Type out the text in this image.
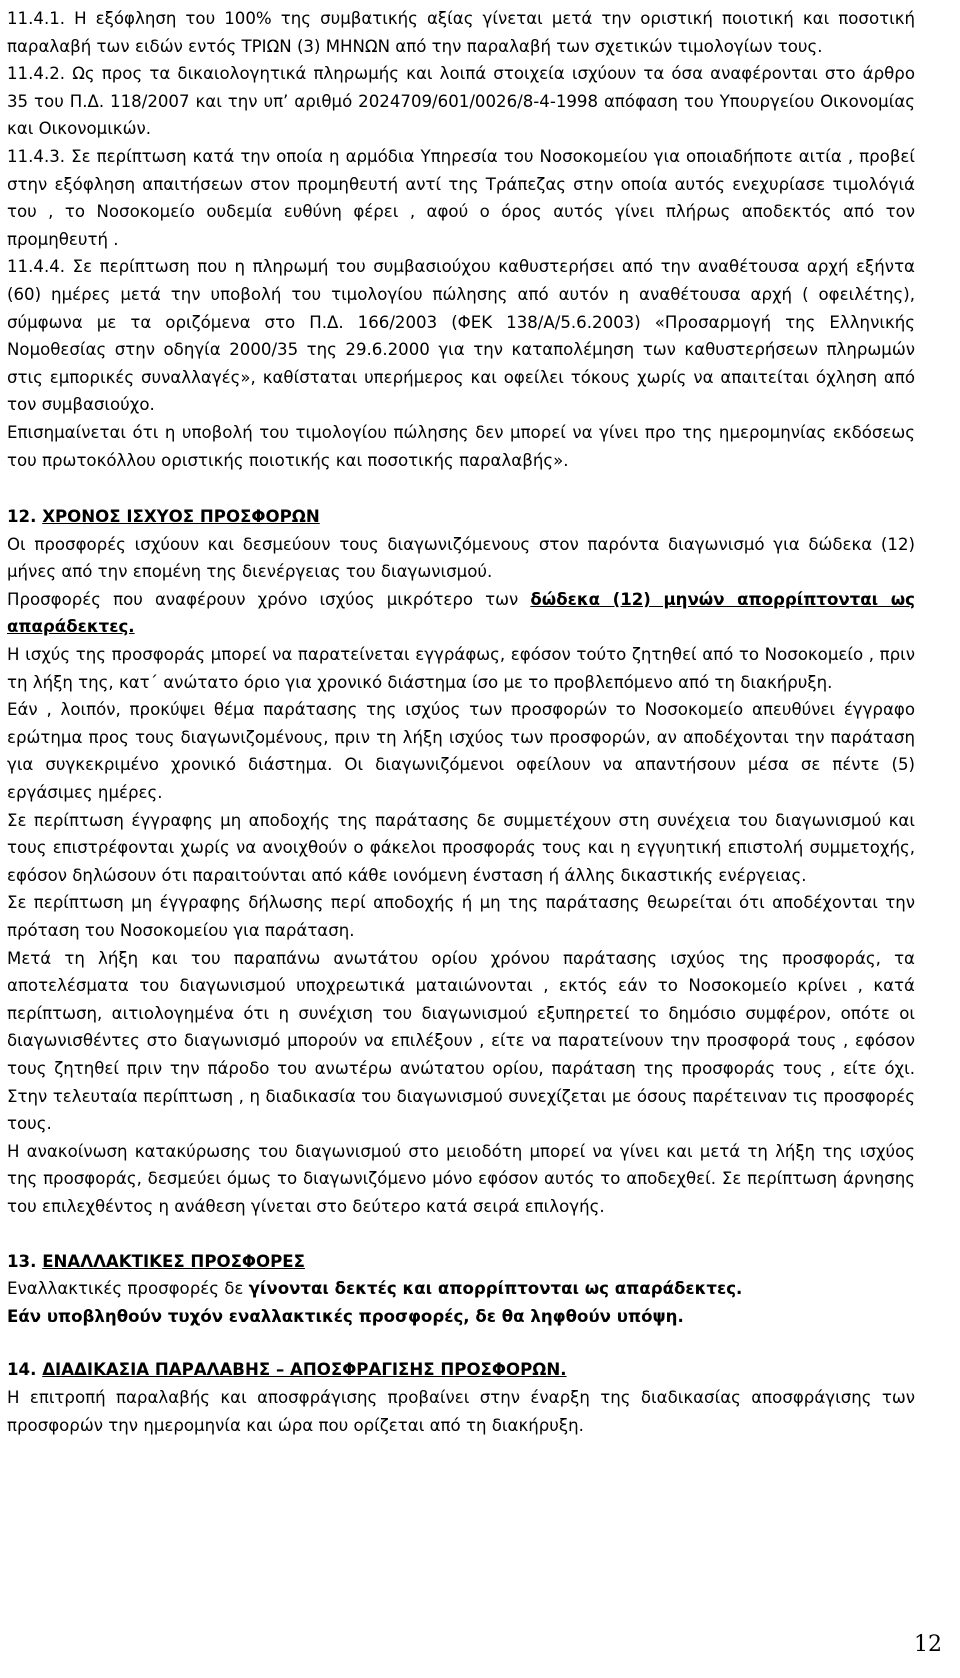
11.4.1. Η εξόφληση του 100% της συμβατικής αξίας γίνεται μετά την οριστική ποιοτική και ποσοτική παραλαβή των ειδών εντός ΤΡΙΩΝ (3) ΜΗΝΩΝ από την παραλαβή των σχετικών τιμολογίων τους.

11.4.2. Ως προς τα δικαιολογητικά πληρωμής και λοιπά στοιχεία ισχύουν τα όσα αναφέρονται στο άρθρο 35 του Π.Δ. 118/2007 και την υπ’ αριθμό 2024709/601/0026/8-4-1998 απόφαση του Υπουργείου Οικονομίας και Οικονομικών.

11.4.3. Σε περίπτωση κατά την οποία η αρμόδια Υπηρεσία του Νοσοκομείου για οποιαδήποτε αιτία , προβεί στην εξόφληση απαιτήσεων στον προμηθευτή αντί της Τράπεζας στην οποία αυτός ενεχυρίασε τιμολόγιά του , το Νοσοκομείο ουδεμία ευθύνη φέρει , αφού ο όρος αυτός γίνει πλήρως αποδεκτός από τον προμηθευτή .

11.4.4. Σε περίπτωση που η πληρωμή του συμβασιούχου καθυστερήσει από την αναθέτουσα αρχή εξήντα (60) ημέρες μετά την υποβολή του τιμολογίου πώλησης από αυτόν η αναθέτουσα αρχή ( οφειλέτης), σύμφωνα με τα οριζόμενα στο Π.Δ. 166/2003 (ΦΕΚ 138/Α/5.6.2003) «Προσαρμογή της Ελληνικής Νομοθεσίας στην οδηγία 2000/35 της 29.6.2000 για την καταπολέμηση των καθυστερήσεων πληρωμών στις εμπορικές συναλλαγές», καθίσταται υπερήμερος και οφείλει τόκους χωρίς να απαιτείται όχληση από τον συμβασιούχο.

Επισημαίνεται ότι η υποβολή του τιμολογίου πώλησης δεν μπορεί να γίνει προ της ημερομηνίας εκδόσεως του πρωτοκόλλου οριστικής ποιοτικής και ποσοτικής παραλαβής».

12. ΧΡΟΝΟΣ ΙΣΧΥΟΣ ΠΡΟΣΦΟΡΩΝ

Οι προσφορές ισχύουν και δεσμεύουν τους διαγωνιζόμενους στον παρόντα διαγωνισμό για δώδεκα (12) μήνες από την επομένη της διενέργειας του διαγωνισμού.

Προσφορές που αναφέρουν χρόνο ισχύος μικρότερο των δώδεκα (12) μηνών απορρίπτονται ως απαράδεκτες.

Η ισχύς της προσφοράς μπορεί να παρατείνεται εγγράφως, εφόσον τούτο ζητηθεί από το Νοσοκομείο , πριν τη λήξη της, κατ΄ ανώτατο όριο για χρονικό διάστημα ίσο με το προβλεπόμενο από τη διακήρυξη.

Εάν , λοιπόν, προκύψει θέμα παράτασης της ισχύος των προσφορών το Νοσοκομείο απευθύνει έγγραφο ερώτημα προς τους διαγωνιζομένους, πριν τη λήξη ισχύος των προσφορών, αν αποδέχονται την παράταση για συγκεκριμένο χρονικό διάστημα. Οι διαγωνιζόμενοι οφείλουν να απαντήσουν μέσα σε πέντε (5) εργάσιμες ημέρες.

Σε περίπτωση έγγραφης μη αποδοχής της παράτασης δε συμμετέχουν στη συνέχεια του διαγωνισμού και τους επιστρέφονται χωρίς να ανοιχθούν ο φάκελοι προσφοράς τους και η εγγυητική επιστολή συμμετοχής, εφόσον δηλώσουν ότι παραιτούνται από κάθε ιονόμενη ένσταση ή άλλης δικαστικής ενέργειας.

Σε περίπτωση μη έγγραφης δήλωσης περί αποδοχής ή μη της παράτασης θεωρείται ότι αποδέχονται την πρόταση του Νοσοκομείου για παράταση.

Μετά τη λήξη και του παραπάνω ανωτάτου ορίου χρόνου παράτασης ισχύος της προσφοράς, τα αποτελέσματα του διαγωνισμού υποχρεωτικά ματαιώνονται , εκτός εάν το Νοσοκομείο κρίνει , κατά περίπτωση, αιτιολογημένα ότι η συνέχιση του διαγωνισμού εξυπηρετεί το δημόσιο συμφέρον, οπότε οι διαγωνισθέντες στο διαγωνισμό μπορούν να επιλέξουν , είτε να παρατείνουν την προσφορά τους , εφόσον τους ζητηθεί πριν την πάροδο του ανωτέρω ανώτατου ορίου, παράταση της προσφοράς τους , είτε όχι. Στην τελευταία περίπτωση , η διαδικασία του διαγωνισμού συνεχίζεται με όσους παρέτειναν τις προσφορές τους.

Η ανακοίνωση κατακύρωσης του διαγωνισμού στο μειοδότη μπορεί να γίνει και μετά τη λήξη της ισχύος της προσφοράς, δεσμεύει όμως το διαγωνιζόμενο μόνο εφόσον αυτός το αποδεχθεί. Σε περίπτωση άρνησης του επιλεχθέντος η ανάθεση γίνεται στο δεύτερο κατά σειρά επιλογής.

13. ΕΝΑΛΛΑΚΤΙΚΕΣ ΠΡΟΣΦΟΡΕΣ

Εναλλακτικές προσφορές δε γίνονται δεκτές και απορρίπτονται ως απαράδεκτες.

Εάν υποβληθούν τυχόν εναλλακτικές προσφορές, δε θα ληφθούν υπόψη.

14. ΔΙΑΔΙΚΑΣΙΑ ΠΑΡΑΛΑΒΗΣ – ΑΠΟΣΦΡΑΓΙΣΗΣ ΠΡΟΣΦΟΡΩΝ.

Η επιτροπή παραλαβής και αποσφράγισης προβαίνει στην έναρξη της διαδικασίας αποσφράγισης των προσφορών την ημερομηνία και ώρα που ορίζεται από τη διακήρυξη.

12
